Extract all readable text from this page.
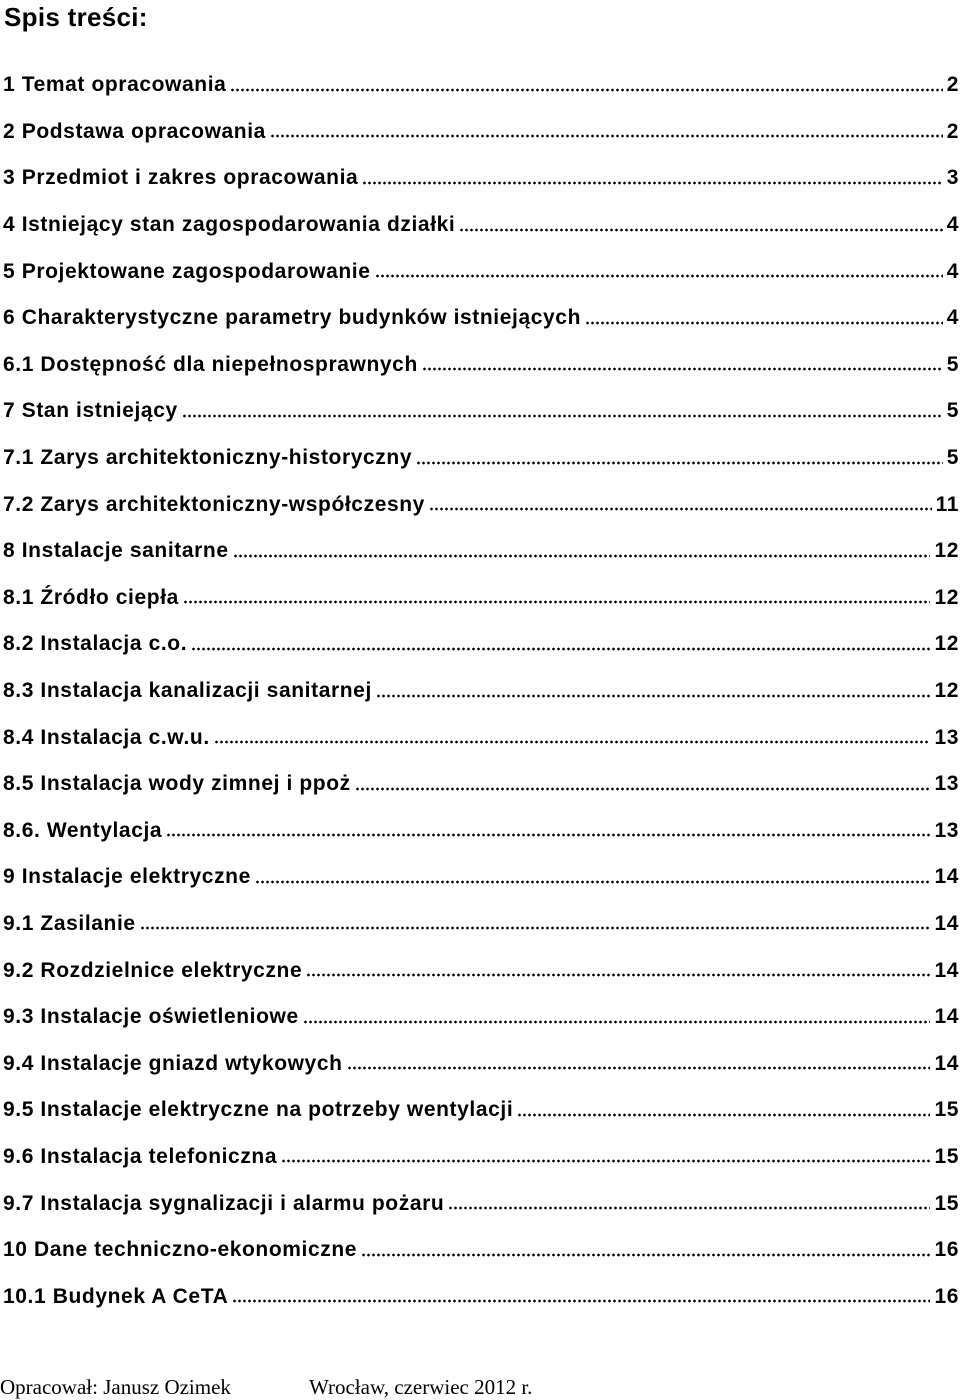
Spis treści:
1 Temat opracowania	2
2 Podstawa opracowania	2
3 Przedmiot i zakres opracowania	3
4 Istniejący stan zagospodarowania działki	4
5 Projektowane zagospodarowanie	4
6 Charakterystyczne parametry budynków istniejących	4
6.1 Dostępność dla niepełnosprawnych	5
7 Stan istniejący	5
7.1 Zarys architektoniczny-historyczny	5
7.2 Zarys architektoniczny-współczesny	11
8 Instalacje sanitarne	12
8.1 Źródło ciepła	12
8.2 Instalacja c.o.	12
8.3 Instalacja kanalizacji sanitarnej	12
8.4 Instalacja c.w.u.	13
8.5 Instalacja wody zimnej i ppoż	13
8.6. Wentylacja	13
9 Instalacje elektryczne	14
9.1 Zasilanie	14
9.2 Rozdzielnice elektryczne	14
9.3 Instalacje oświetleniowe	14
9.4 Instalacje gniazd wtykowych	14
9.5 Instalacje elektryczne na potrzeby wentylacji	15
9.6 Instalacja telefoniczna	15
9.7 Instalacja sygnalizacji i alarmu pożaru	15
10 Dane techniczno-ekonomiczne	16
10.1 Budynek A CeTA	16
Opracował: Janusz Ozimek	Wrocław, czerwiec 2012 r.
